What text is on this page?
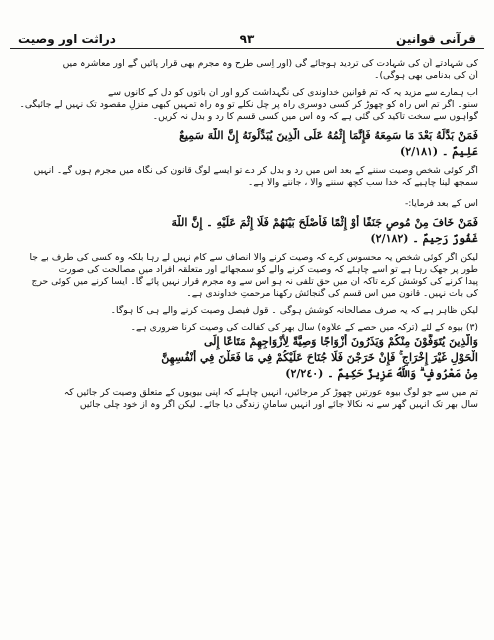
دراثت اور وصیت	٩٣	قرآنی قوانین
کی شہادتے اُن کی شہادت کی تردید ہوجائے گی (اور اِسی طرح وہ مجرم بھی قرار پائیں گے اور معاشرہ میں
اُن کی بدنامی بھی ہوگی)۔
اب ہمارے سے مزید یہ کہ تم قوانین خداوندی کی نگہداشت کرو اور ان باتوں کو دل کے کانوں سے
سنو۔ اگر تم اس راہ کو چھوڑ کر کسی دوسری راہ پر چل نکلے تو وہ راہ تمہیں کبھی منزلِ مقصود تک نہیں لے جائیگی۔
گواہوں سے سخت تاکید کی گئی ہے کہ وہ اس میں کسی قسم کا رد و بدل نہ کریں۔
فَمَنْ بَدَّلَهُ بَعْدَ مَا سَمِعَهُ فَإِنَّمَا إِثْمُهُ عَلَى الَّذِينَ يُبَدِّلُونَهُ إِنَّ اللَّهَ سَمِيعٌ
عَلِيمٌ ۔ (٢/١٨١)
اگر کوئی شخص وصیت سننے کے بعد اس میں رد و بدل کر دے تو ایسے لوگ قانون کی نگاہ میں مجرم ہوں گے۔ انہیں
سمجھ لینا چاہیے کہ خدا سب کچھ سننے والا ، جاننے والا ہے۔
اس کے بعد فرمایا:-
فَمَنْ خَافَ مِنْ مُوصٍ جَنَفًا أَوْ إِثْمًا فَأَصْلَحَ بَيْنَهُمْ فَلَا إِثْمَ عَلَيْهِ ۔ إِنَّ اللَّهَ
غَفُورٌ رَحِيمٌ ۔ (٢/١٨٢)
لیکن اگر کوئی شخص یہ محسوس کرے کہ وصیت کرنے والا انصاف سے کام نہیں لے رہا بلکہ وہ کسی کی طرف بے جا
طور پر جھک رہا ہے تو اسے چاہئے کہ وصیت کرنے والے کو سمجھائے اور متعلقہ افراد میں مصالحت کی صورت
پیدا کرنے کی کوشش کرے تاکہ ان میں حق تلفی نہ ہو اس سے وہ مجرم قرار نہیں پائے گا۔ ایسا کرنے میں کوئی حرج
کی بات نہیں۔ قانون میں اس قسم کی گنجائش رکھنا مرحمتِ خداوندی ہے۔
لیکن ظاہر ہے کہ یہ صرف مصالحانہ کوشش ہوگی ۔ قول فیصل وصیت کرنے والے ہی کا ہوگا۔
(٣) بیوہ کے لئے (ترکہ میں حصے کے علاوہ) سال بھر کی کفالت کی وصیت کرنا ضروری ہے۔
وَالَّذِينَ يُتَوَفَّوْنَ مِنْكُمْ وَيَذَرُونَ أَزْوَاجًا وَصِيَّةً لِأَزْوَاجِهِمْ مَتَاعًا إِلَى
الْحَوْلِ غَيْرَ إِخْرَاجٍ ۚ فَإِنْ خَرَجْنَ فَلَا جُنَاحَ عَلَيْكُمْ فِي مَا فَعَلْنَ فِي أَنْفُسِهِنَّ
مِنْ مَعْرُوفٍ ۗ وَاللَّهُ عَزِيزٌ حَكِيمٌ ۔ (٢/٢٤٠)
تم میں سے جو لوگ بیوہ عورتیں چھوڑ کر مرجائیں، انہیں چاہئے کہ اپنی بیویوں کے متعلق وصیت کر جائیں کہ
سال بھر تک انہیں گھر سے نہ نکالا جائے اور انہیں سامانِ زندگی دیا جائے۔ لیکن اگر وہ از خود چلی جائیں
